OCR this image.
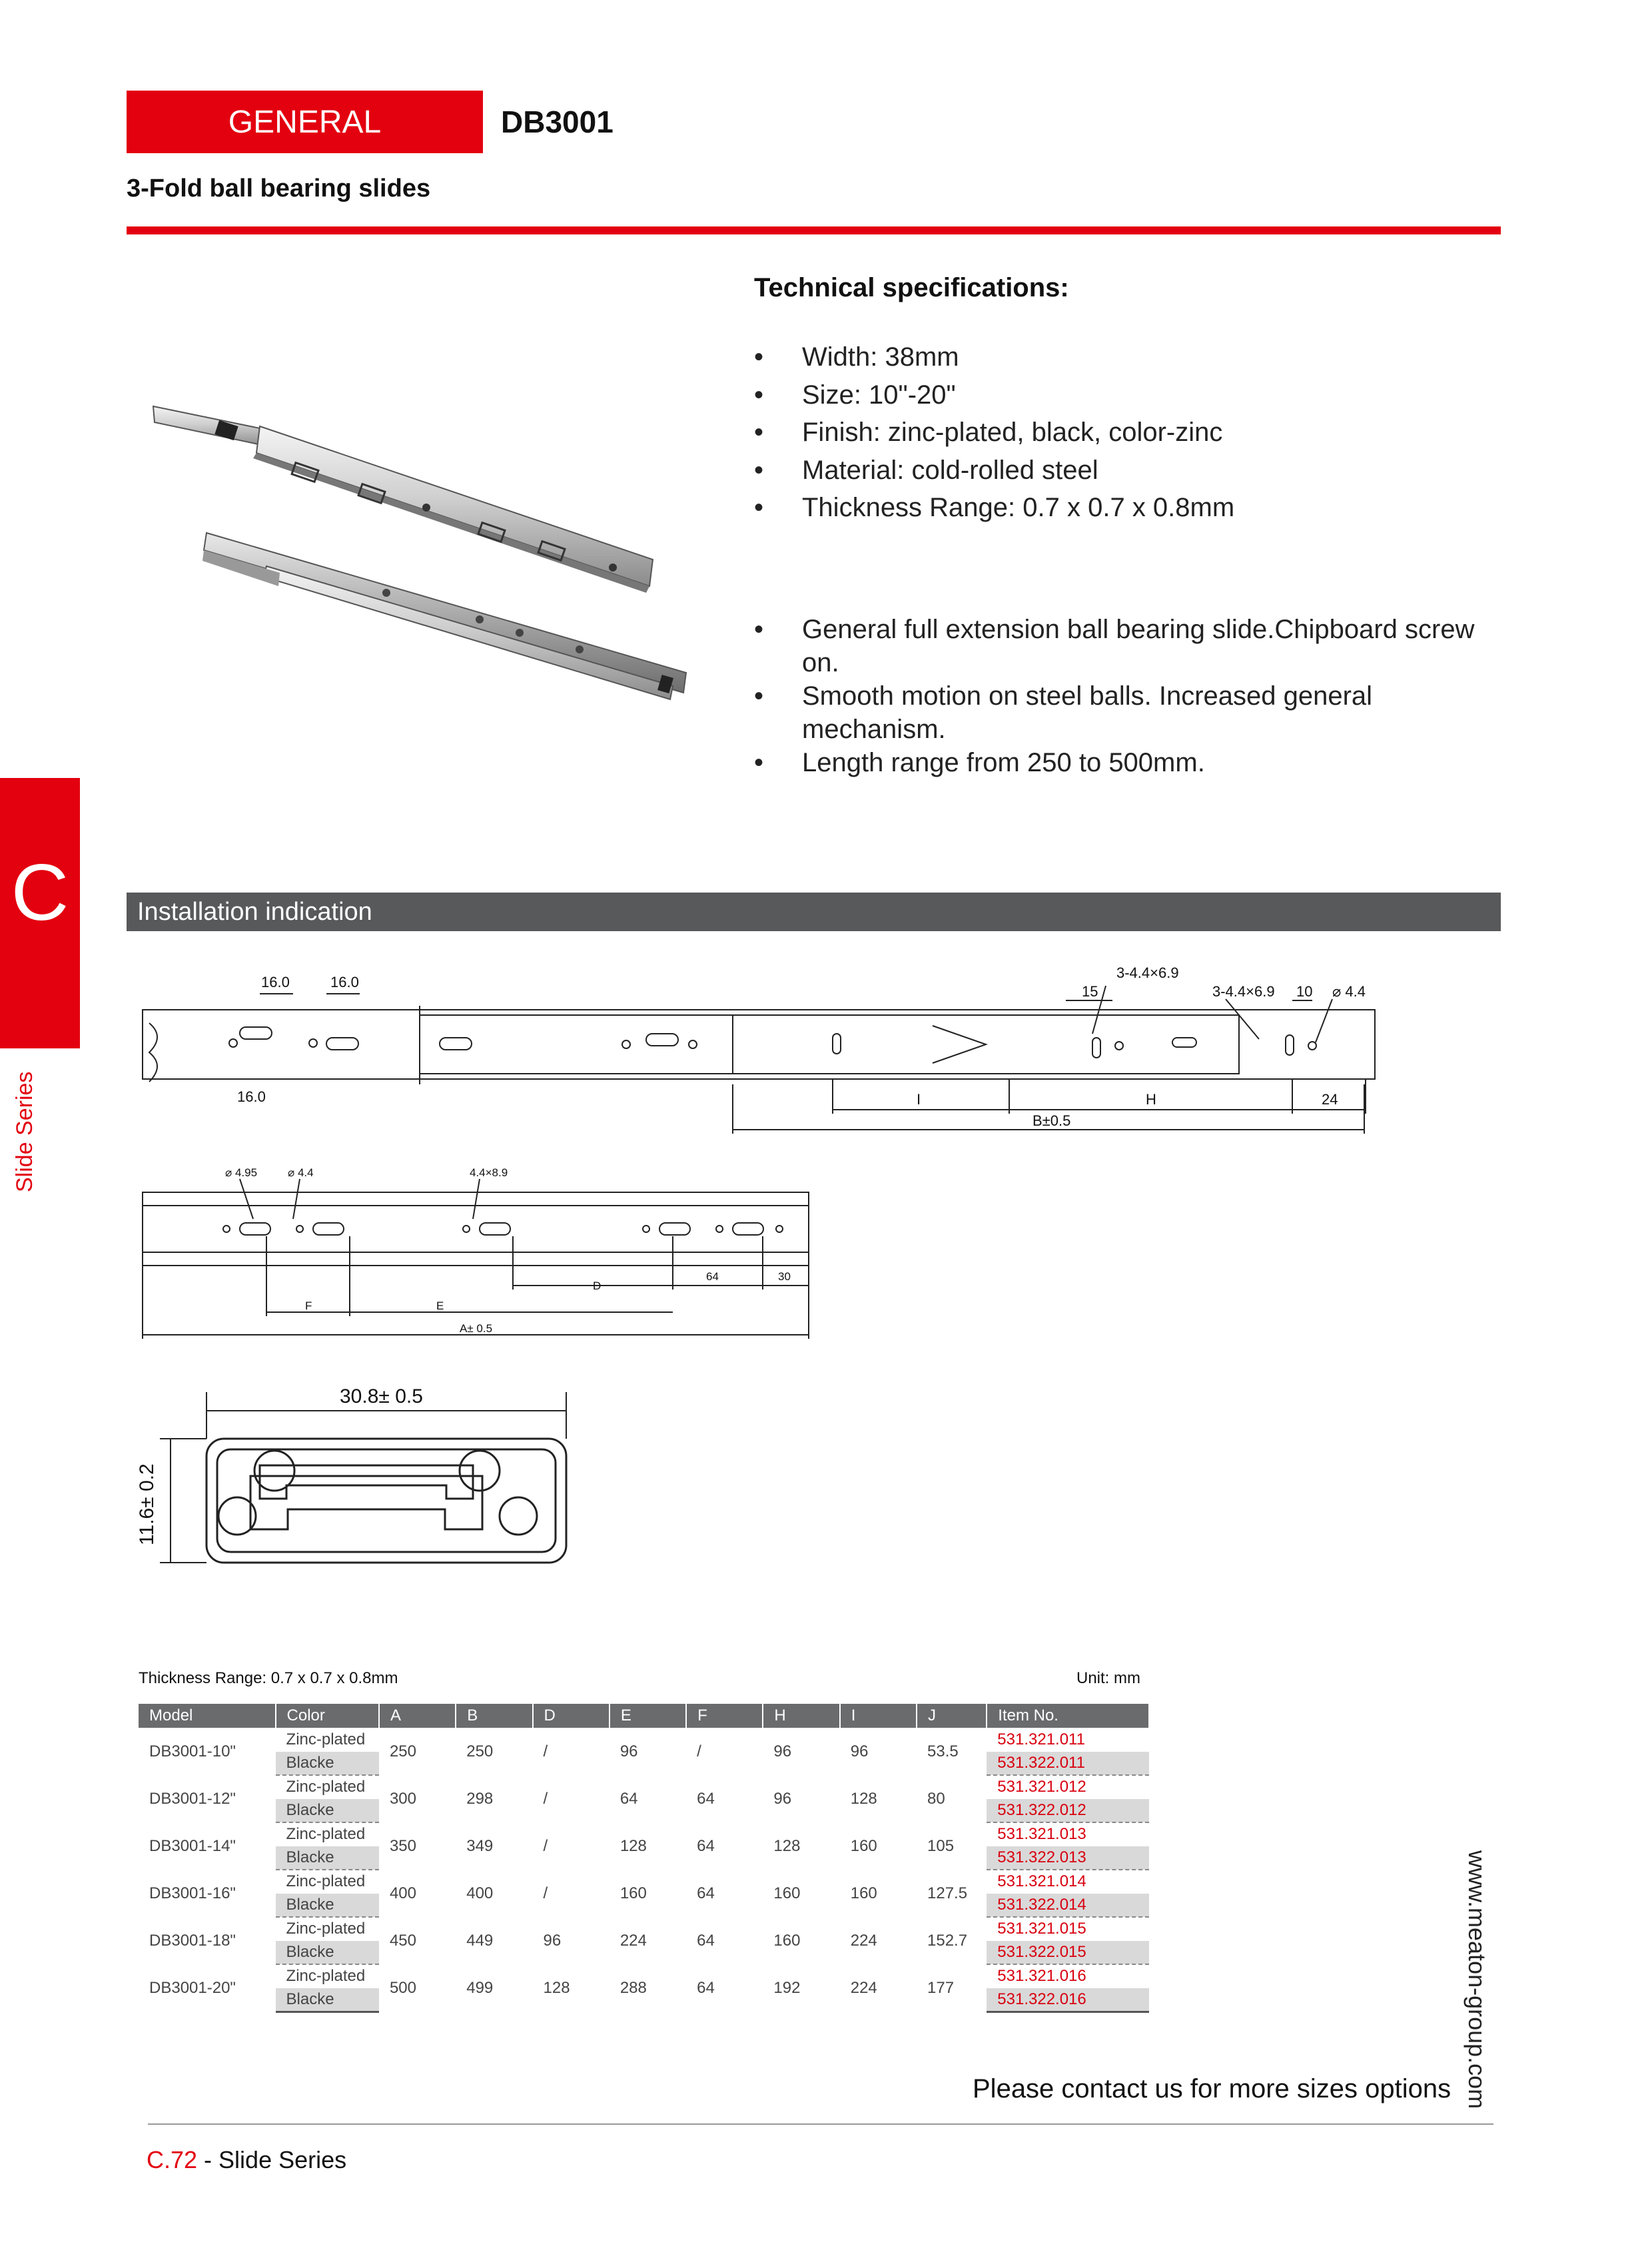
GENERAL	DB3001
3-Fold ball bearing slides
Technical specifications:
• Width: 38mm
• Size: 10"-20"
• Finish: zinc-plated, black, color-zinc
• Material: cold-rolled steel
• Thickness Range: 0.7 x 0.7 x 0.8mm
• General full extension ball bearing slide.Chipboard screw on.
• Smooth motion on steel balls. Increased general mechanism.
• Length range from 250 to 500mm.
C
Slide Series
Installation indication
16.0	16.0
16.0
3-4.4×6.9
15	3-4.4×6.9 10 ⌀ 4.4
I	H	24
B±0.5
⌀ 4.95	⌀ 4.4	4.4×8.9
64	30
D
F	E
A± 0.5
30.8± 0.5
11.6± 0.2
Thickness Range: 0.7 x 0.7 x 0.8mm	Unit: mm
Model	Color	A	B	D	E	F	H	I	J	Item No.
DB3001-10"	Zinc-plated	250	250	/	96	/	96	96	53.5	531.321.011
	Blacke									531.322.011
DB3001-12"	Zinc-plated	300	298	/	64	64	96	128	80	531.321.012
	Blacke									531.322.012
DB3001-14"	Zinc-plated	350	349	/	128	64	128	160	105	531.321.013
	Blacke									531.322.013
DB3001-16"	Zinc-plated	400	400	/	160	64	160	160	127.5	531.321.014
	Blacke									531.322.014
DB3001-18"	Zinc-plated	450	449	96	224	64	160	224	152.7	531.321.015
	Blacke									531.322.015
DB3001-20"	Zinc-plated	500	499	128	288	64	192	224	177	531.321.016
	Blacke									531.322.016
Please contact us for more sizes options
C.72 - Slide Series
www.meaton-group.com
